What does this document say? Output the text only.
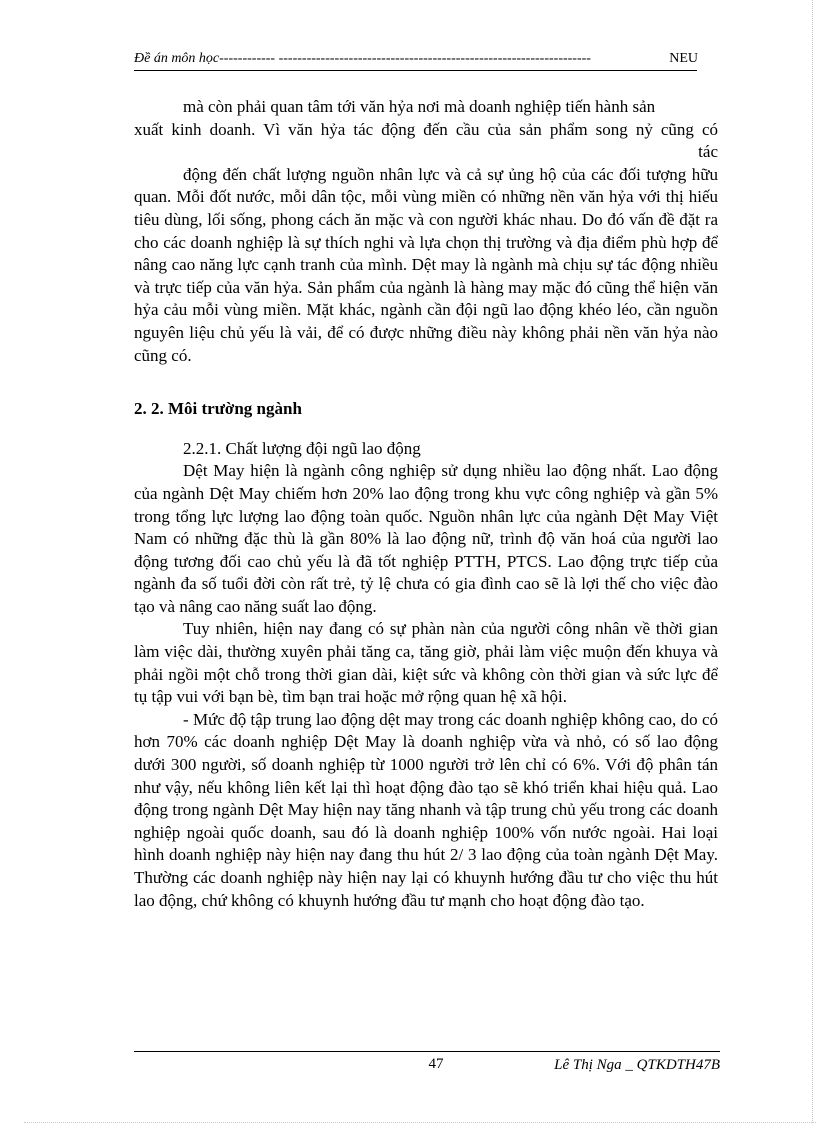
Đề án môn học------------ -------------------------------------------------------------------	NEU

mà còn phải quan tâm tới văn hỷa nơi mà doanh nghiệp tiến hành sản

xuất kinh doanh. Vì văn hỷa tác động đến cầu của sản phẩm song nỷ cũng có

tác

động đến chất lượng nguồn nhân lực và cả sự ủng hộ của các đối tượng hữu quan. Mỗi đốt nước, mỗi dân tộc, mỗi vùng miền có những nền văn hỷa với thị hiếu tiêu dùng, lối sống, phong cách ăn mặc và con người khác nhau. Do đó vấn đề đặt ra cho các doanh nghiệp là sự thích nghi và lựa chọn thị trường và địa điểm phù hợp để nâng cao năng lực cạnh tranh của mình. Dệt may là ngành mà chịu sự tác động nhiều và trực tiếp của văn hỷa. Sản phẩm của ngành là hàng may mặc đó cũng thể hiện văn hỷa cảu mỗi vùng miền. Mặt khác, ngành cần đội ngũ lao động khéo léo, cần nguồn nguyên liệu chủ yếu là vải, để có được những điều này không phải nền văn hỷa nào cũng có.

2. 2. Môi trường ngành

2.2.1. Chất lượng đội ngũ lao động

Dệt May hiện là ngành công nghiệp sử dụng nhiều lao động nhất. Lao động của ngành Dệt May chiếm hơn 20% lao động trong khu vực công nghiệp và gần 5% trong tổng lực lượng lao động toàn quốc. Nguồn nhân lực của ngành Dệt May Việt Nam có những đặc thù là gần 80% là lao động nữ, trình độ văn hoá của người lao động tương đối cao chủ yếu là đã tốt nghiệp PTTH, PTCS. Lao động trực tiếp của ngành đa số tuổi đời còn rất trẻ, tỷ lệ chưa có gia đình cao sẽ là lợi thế cho việc đào tạo và nâng cao năng suất lao động.

Tuy nhiên, hiện nay đang có sự phàn nàn của người công nhân về thời gian làm việc dài, thường xuyên phải tăng ca, tăng giờ, phải làm việc muộn đến khuya và phải ngồi một chỗ trong thời gian dài, kiệt sức và không còn thời gian và sức lực để tụ tập vui với bạn bè, tìm bạn trai hoặc mở rộng quan hệ xã hội.

- Mức độ tập trung lao động dệt may trong các doanh nghiệp không cao, do có hơn 70% các doanh nghiệp Dệt May là doanh nghiệp vừa và nhỏ, có số lao động dưới 300 người, số doanh nghiệp từ 1000 người trở lên chỉ có 6%. Với độ phân tán như vậy, nếu không liên kết lại thì hoạt động đào tạo sẽ khó triển khai hiệu quả. Lao động trong ngành Dệt May hiện nay tăng nhanh và tập trung chủ yếu trong các doanh nghiệp ngoài quốc doanh, sau đó là doanh nghiệp 100% vốn nước ngoài. Hai loại hình doanh nghiệp này hiện nay đang thu hút 2/ 3 lao động của toàn ngành Dệt May. Thường các doanh nghiệp này hiện nay lại có khuynh hướng đầu tư cho việc thu hút lao động, chứ không có khuynh hướng đầu tư mạnh cho hoạt động đào tạo.

47	Lê Thị Nga _ QTKDTH47B
